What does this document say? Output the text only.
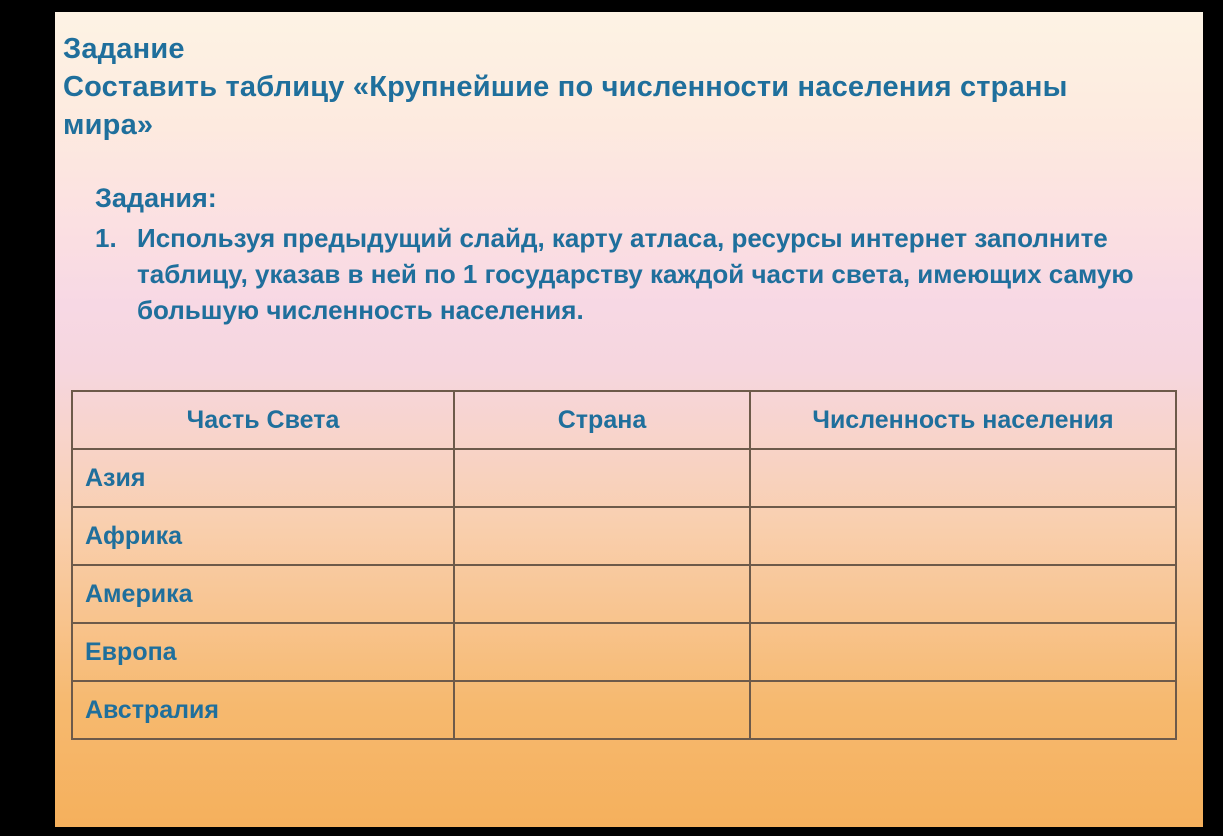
Задание
Составить таблицу «Крупнейшие по численности населения страны
мира»
Задания:
1. Используя предыдущий слайд, карту атласа, ресурсы интернет заполните таблицу, указав в ней по 1 государству каждой части света, имеющих самую большую численность населения.
Часть Света	Страна	Численность населения
Азия		
Африка		
Америка		
Европа		
Австралия		
